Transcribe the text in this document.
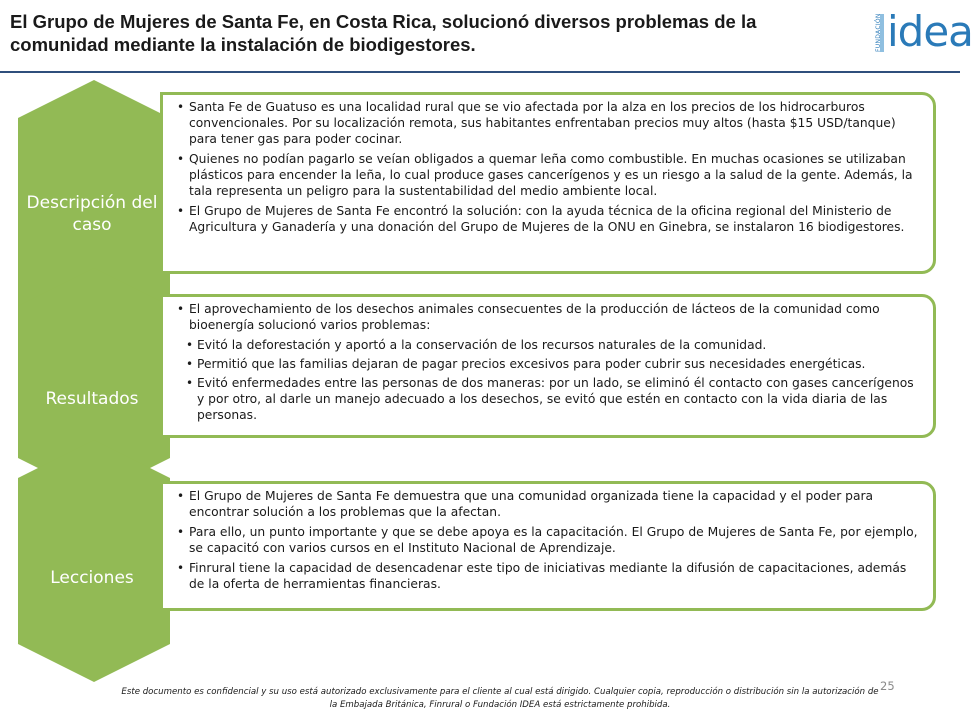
El Grupo de Mujeres de Santa Fe, en Costa Rica, solucionó diversos problemas de la comunidad mediante la instalación de biodigestores.	FUNDACIÓN idea
• Santa Fe de Guatuso es una localidad rural que se vio afectada por la alza en los precios de los hidrocarburos convencionales. Por su localización remota, sus habitantes enfrentaban precios muy altos (hasta $15 USD/tanque) para tener gas para poder cocinar.
• Quienes no podían pagarlo se veían obligados a quemar leña como combustible. En muchas ocasiones se utilizaban plásticos para encender la leña, lo cual produce gases cancerígenos y es un riesgo a la salud de la gente. Además, la tala representa un peligro para la sustentabilidad del medio ambiente local.
• El Grupo de Mujeres de Santa Fe encontró la solución: con la ayuda técnica de la oficina regional del Ministerio de Agricultura y Ganadería y una donación del Grupo de Mujeres de la ONU en Ginebra, se instalaron 16 biodigestores.
• El aprovechamiento de los desechos animales consecuentes de la producción de lácteos de la comunidad como bioenergía solucionó varios problemas:
• Evitó la deforestación y aportó a la conservación de los recursos naturales de la comunidad.
• Permitió que las familias dejaran de pagar precios excesivos para poder cubrir sus necesidades energéticas.
• Evitó enfermedades entre las personas de dos maneras: por un lado, se eliminó él contacto con gases cancerígenos y por otro, al darle un manejo adecuado a los desechos, se evitó que estén en contacto con la vida diaria de las personas.
• El Grupo de Mujeres de Santa Fe demuestra que una comunidad organizada tiene la capacidad y el poder para encontrar solución a los problemas que la afectan.
• Para ello, un punto importante y que se debe apoya es la capacitación. El Grupo de Mujeres de Santa Fe, por ejemplo, se capacitó con varios cursos en el Instituto Nacional de Aprendizaje.
• Finrural tiene la capacidad de desencadenar este tipo de iniciativas mediante la difusión de capacitaciones, además de la oferta de herramientas financieras.
Descripción del caso
Resultados
Lecciones
25
Este documento es confidencial y su uso está autorizado exclusivamente para el cliente al cual está dirigido. Cualquier copia, reproducción o distribución sin la autorización de la Embajada Británica, Finrural o Fundación IDEA está estrictamente prohibida.
